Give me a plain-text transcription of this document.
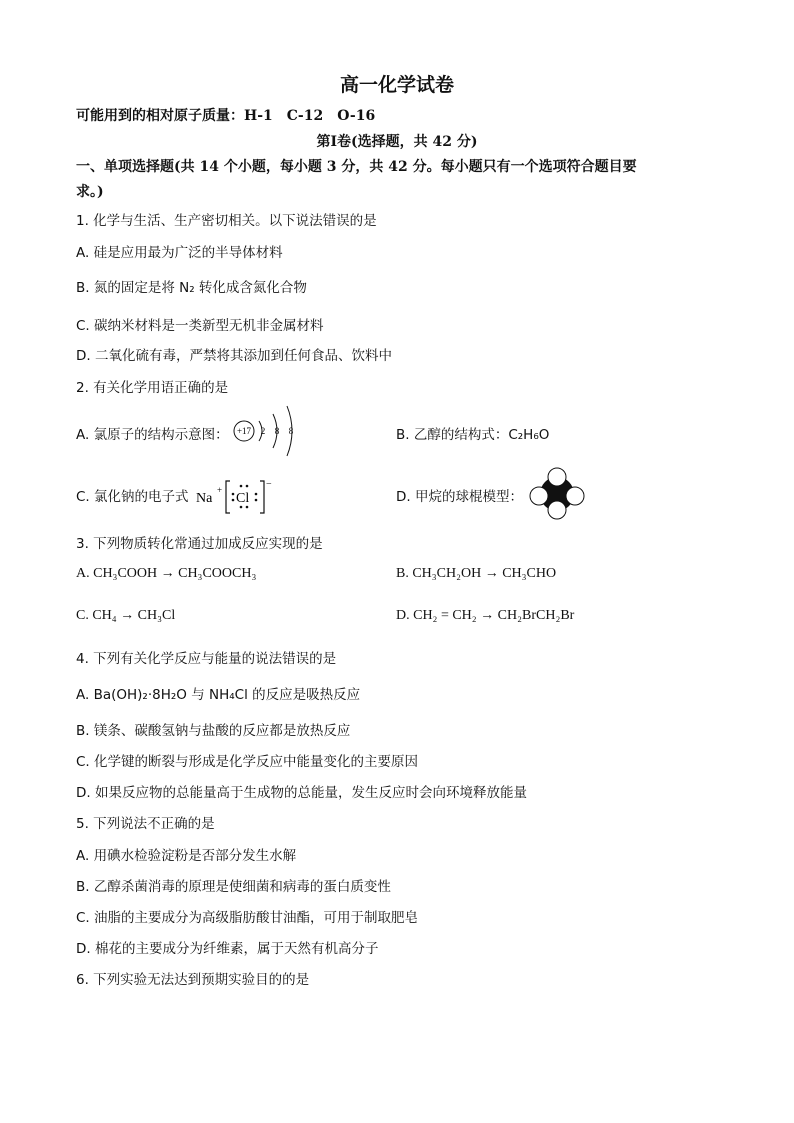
高一化学试卷
可能用到的相对原子质量：H-1　C-12　O-16
第Ⅰ卷(选择题，共 42 分)
一、单项选择题(共 14 个小题，每小题 3 分，共 42 分。每小题只有一个选项符合题目要
求。)
1. 化学与生活、生产密切相关。以下说法错误的是
A. 硅是应用最为广泛的半导体材料
B. 氮的固定是将 N₂ 转化成含氮化合物
C. 碳纳米材料是一类新型无机非金属材料
D. 二氧化硫有毒，严禁将其添加到任何食品、饮料中
2. 有关化学用语正确的是
A. 氯原子的结构示意图： +17 2 8 8	B. 乙醇的结构式：C₂H₆O
C. 氯化钠的电子式 Na
+
Cl
−
D. 甲烷的球棍模型：
3. 下列物质转化常通过加成反应实现的是
A. CH₃COOH → CH₃COOCH₃	B. CH₃CH₂OH → CH₃CHO
C. CH₄ → CH₃Cl	D. CH₂ = CH₂ → CH₂BrCH₂Br
4. 下列有关化学反应与能量的说法错误的是
A. Ba(OH)₂·8H₂O 与 NH₄Cl 的反应是吸热反应
B. 镁条、碳酸氢钠与盐酸的反应都是放热反应
C. 化学键的断裂与形成是化学反应中能量变化的主要原因
D. 如果反应物的总能量高于生成物的总能量，发生反应时会向环境释放能量
5. 下列说法不正确的是
A. 用碘水检验淀粉是否部分发生水解
B. 乙醇杀菌消毒的原理是使细菌和病毒的蛋白质变性
C. 油脂的主要成分为高级脂肪酸甘油酯，可用于制取肥皂
D. 棉花的主要成分为纤维素，属于天然有机高分子
6. 下列实验无法达到预期实验目的的是
